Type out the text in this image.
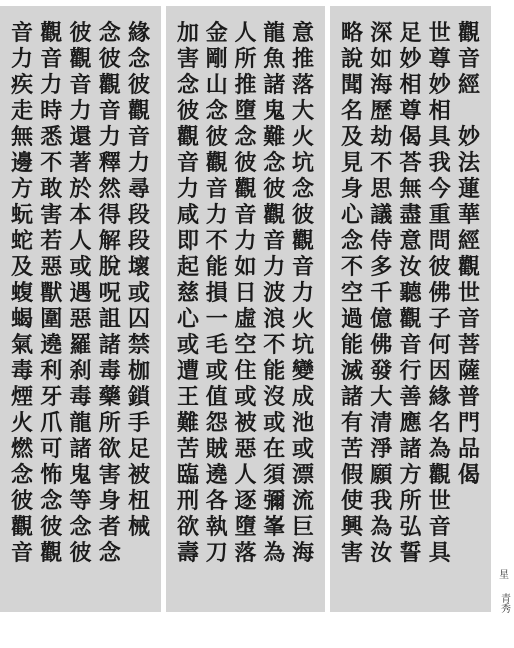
緣
念
彼
觀
音
力
尋
段
段
壞
或
囚
禁
枷
鎖
手
足
被
杻
械
念
彼
觀
音
力
釋
然
得
解
脫
呪
詛
諸
毒
藥
所
欲
害
身
者
念
彼
觀
音
力
還
著
於
本
人
或
遇
惡
羅
刹
毒
龍
諸
鬼
等
念
彼
觀
音
力
時
悉
不
敢
害
若
惡
獸
圍
遶
利
牙
爪
可
怖
念
彼
觀
音
力
疾
走
無
邊
方
蚖
蛇
及
蝮
蝎
氣
毒
煙
火
燃
念
彼
觀
音
意
推
落
大
火
坑
念
彼
觀
音
力
火
坑
變
成
池
或
漂
流
巨
海
龍
魚
諸
鬼
難
念
彼
觀
音
力
波
浪
不
能
沒
或
在
須
彌
峯
為
人
所
推
墮
念
彼
觀
音
力
如
日
虛
空
住
或
被
惡
人
逐
墮
落
金
剛
山
念
彼
觀
音
力
不
能
損
一
毛
或
值
怨
賊
遶
各
執
刀
加
害
念
彼
觀
音
力
咸
即
起
慈
心
或
遭
王
難
苦
臨
刑
欲
壽
觀
音
經
妙
法
蓮
華
經
觀
世
音
菩
薩
普
門
品
偈
世
尊
妙
相
具
我
今
重
問
彼
佛
子
何
因
緣
名
為
觀
世
音
具
足
妙
相
尊
偈
荅
無
盡
意
汝
聽
觀
音
行
善
應
諸
方
所
弘
誓
深
如
海
歷
劫
不
思
議
侍
多
千
億
佛
發
大
清
淨
願
我
為
汝
略
說
聞
名
及
見
身
心
念
不
空
過
能
滅
諸
有
苦
假
使
興
害
星
青秀
